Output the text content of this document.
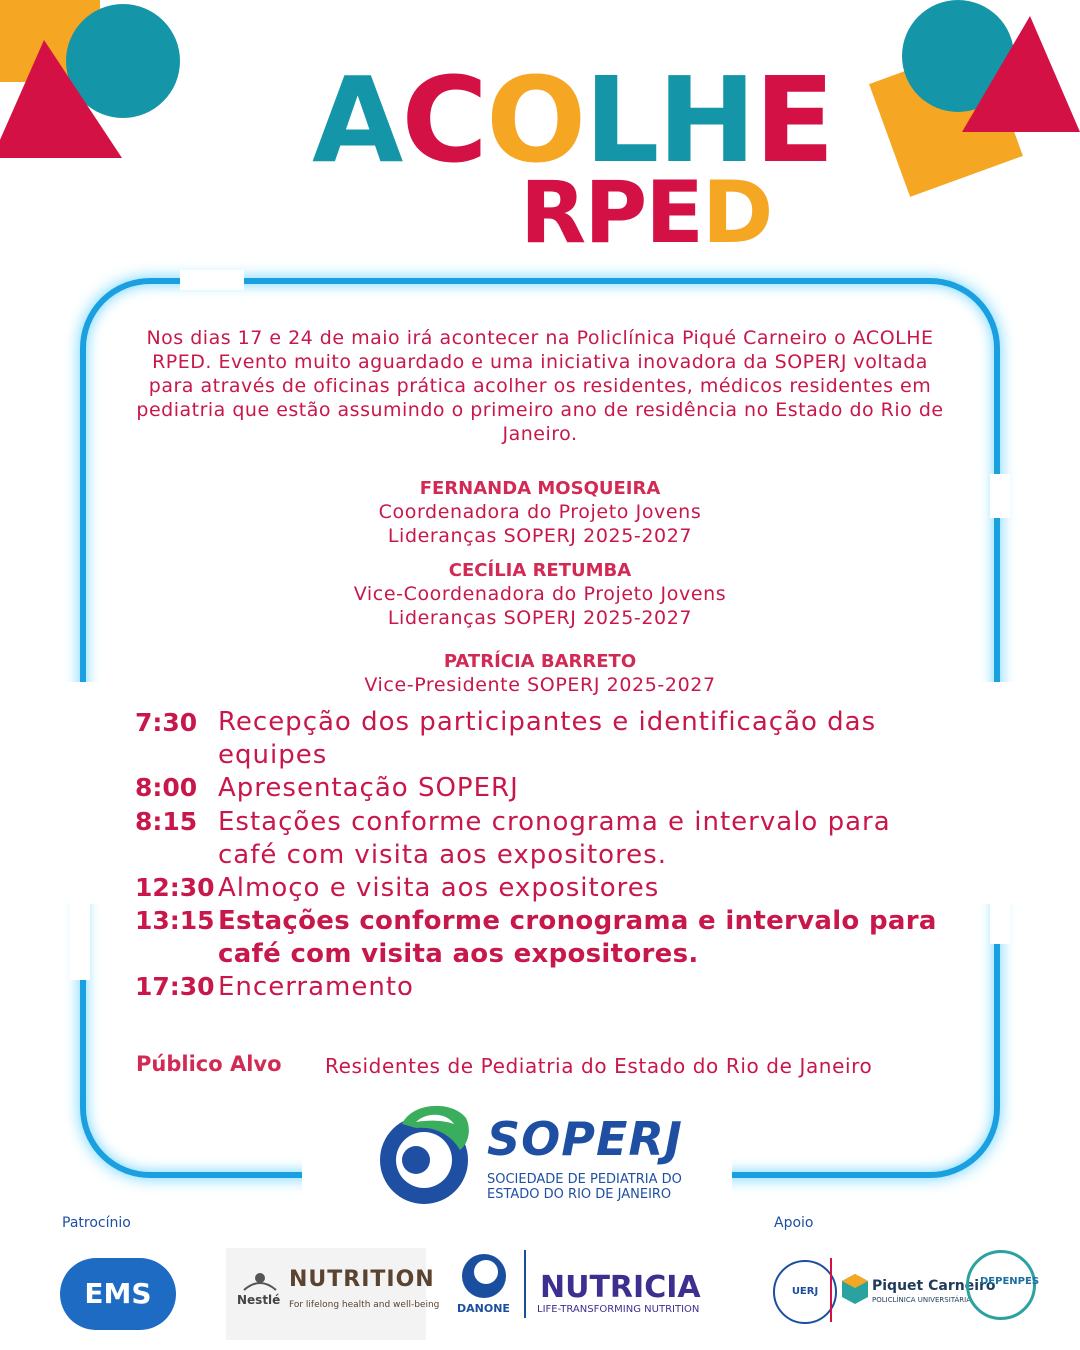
ACOLHE
RPED
Nos dias 17 e 24 de maio irá acontecer na Policlínica Piqué Carneiro o ACOLHE RPED. Evento muito aguardado e uma iniciativa inovadora da SOPERJ voltada para através de oficinas prática acolher os residentes, médicos residentes em pediatria que estão assumindo o primeiro ano de residência no Estado do Rio de Janeiro.
FERNANDA MOSQUEIRA
Coordenadora do Projeto Jovens
Lideranças SOPERJ 2025-2027
CECÍLIA RETUMBA
Vice-Coordenadora do Projeto Jovens
Lideranças SOPERJ 2025-2027
PATRÍCIA BARRETO
Vice-Presidente SOPERJ 2025-2027
7:30 Recepção dos participantes e identificação das equipes
8:00 Apresentação SOPERJ
8:15 Estações conforme cronograma e intervalo para café com visita aos expositores.
12:30 Almoço e visita aos expositores
13:15 Estações conforme cronograma e intervalo para café com visita aos expositores.
17:30 Encerramento
Público Alvo Residentes de Pediatria do Estado do Rio de Janeiro
SOPERJ
SOCIEDADE DE PEDIATRIA DO ESTADO DO RIO DE JANEIRO
Patrocínio	Apoio
EMS	Nestlé
NUTRITION
For lifelong health and well-being DANONE
NUTRICIA
LIFE-TRANSFORMING NUTRITION
UERJ	Piquet Carneiro
POLICLÍNICA UNIVERSITÁRIA
DEPENPES
